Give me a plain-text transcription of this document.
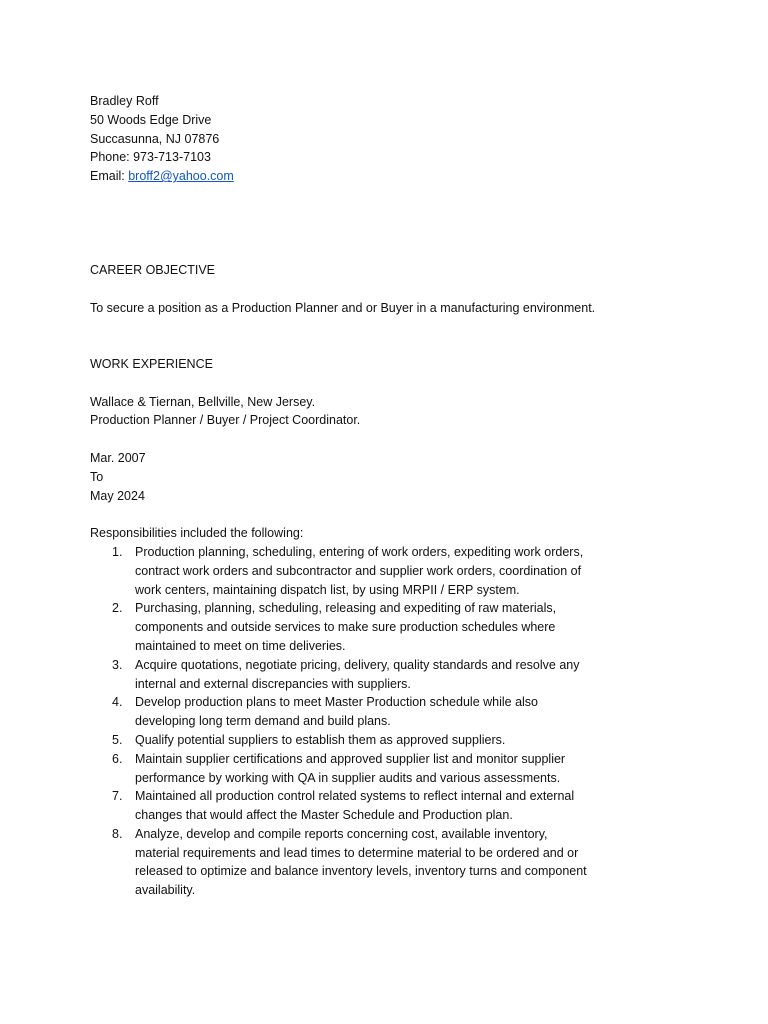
Bradley Roff
50 Woods Edge Drive
Succasunna, NJ 07876
Phone: 973-713-7103
Email: broff2@yahoo.com
CAREER OBJECTIVE
To secure a position as a Production Planner and or Buyer in a manufacturing environment.
WORK EXPERIENCE
Wallace & Tiernan, Bellville, New Jersey.
Production Planner / Buyer / Project Coordinator.
Mar. 2007
To
May 2024
Responsibilities included the following:
1. Production planning, scheduling, entering of work orders, expediting work orders, contract work orders and subcontractor and supplier work orders, coordination of work centers, maintaining dispatch list, by using MRPII / ERP system.
2. Purchasing, planning, scheduling, releasing and expediting of raw materials, components and outside services to make sure production schedules where maintained to meet on time deliveries.
3. Acquire quotations, negotiate pricing, delivery, quality standards and resolve any internal and external discrepancies with suppliers.
4. Develop production plans to meet Master Production schedule while also developing long term demand and build plans.
5. Qualify potential suppliers to establish them as approved suppliers.
6. Maintain supplier certifications and approved supplier list and monitor supplier performance by working with QA in supplier audits and various assessments.
7. Maintained all production control related systems to reflect internal and external changes that would affect the Master Schedule and Production plan.
8. Analyze, develop and compile reports concerning cost, available inventory, material requirements and lead times to determine material to be ordered and or released to optimize and balance inventory levels, inventory turns and component availability.
